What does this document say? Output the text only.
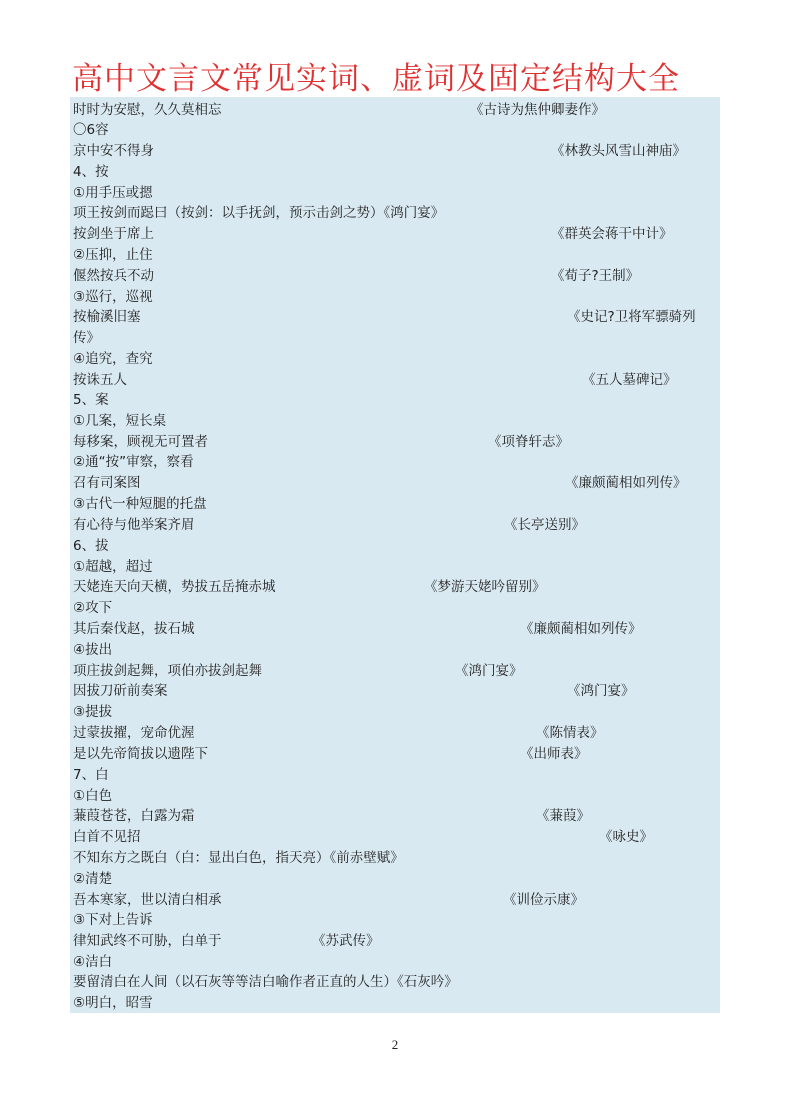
高中文言文常见实词、虚词及固定结构大全
时时为安慰，久久莫相忘	《古诗为焦仲卿妻作》
〇6容
京中安不得身	《林教头风雪山神庙》
4、按
①用手压或摁
项王按剑而跽曰（按剑：以手抚剑，预示击剑之势）《鸿门宴》
按剑坐于席上	《群英会蒋干中计》
②压抑，止住
偃然按兵不动	《荀子?王制》
③巡行，巡视
按榆溪旧塞	《史记?卫将军骠骑列
传》
④追究，查究
按诛五人	《五人墓碑记》
5、案
①几案，短长桌
每移案，顾视无可置者	《项脊轩志》
②通“按”审察，察看
召有司案图	《廉颇蔺相如列传》
③古代一种短腿的托盘
有心待与他举案齐眉	《长亭送别》
6、拔
①超越，超过
天姥连天向天横，势拔五岳掩赤城	《梦游天姥吟留别》
②攻下
其后秦伐赵，拔石城	《廉颇蔺相如列传》
④拔出
项庄拔剑起舞，项伯亦拔剑起舞	《鸿门宴》
因拔刀斫前奏案	《鸿门宴》
③提拔
过蒙拔擢，宠命优渥	《陈情表》
是以先帝简拔以遗陛下	《出师表》
7、白
①白色
蒹葭苍苍，白露为霜	《蒹葭》
白首不见招	《咏史》
不知东方之既白（白：显出白色，指天亮）《前赤壁赋》
②清楚
吾本寒家，世以清白相承	《训俭示康》
③下对上告诉
律知武终不可胁，白单于	《苏武传》
④洁白
要留清白在人间（以石灰等等洁白喻作者正直的人生）《石灰吟》
⑤明白，昭雪
2
